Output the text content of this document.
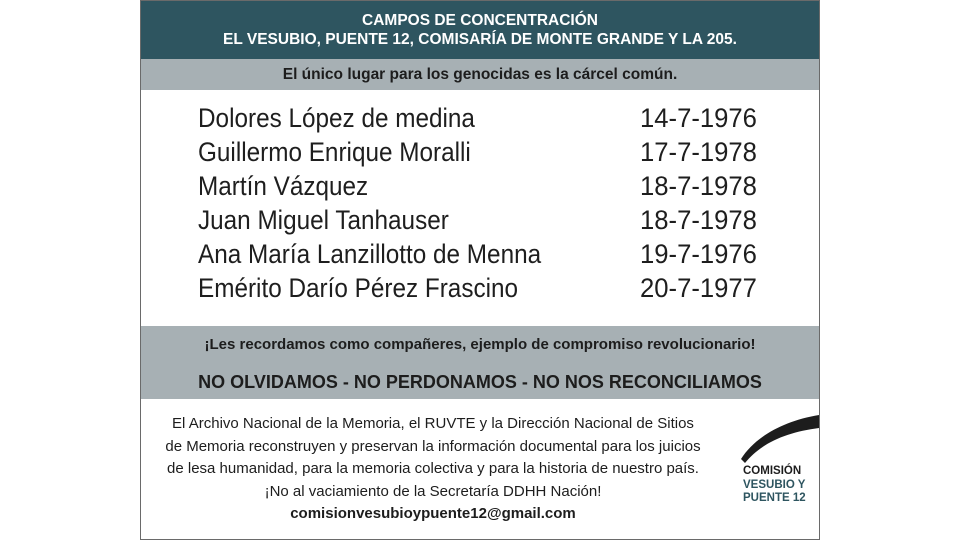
CAMPOS DE CONCENTRACIÓN
EL VESUBIO, PUENTE 12, COMISARÍA DE MONTE GRANDE Y LA 205.
El único lugar para los genocidas es la cárcel común.
Dolores López de medina	14-7-1976
Guillermo Enrique Moralli	17-7-1978
Martín Vázquez	18-7-1978
Juan Miguel Tanhauser	18-7-1978
Ana María Lanzillotto de Menna	19-7-1976
Emérito Darío Pérez Frascino	20-7-1977
¡Les recordamos como compañeres, ejemplo de compromiso revolucionario!
NO OLVIDAMOS - NO PERDONAMOS - NO NOS RECONCILIAMOS
El Archivo Nacional de la Memoria, el RUVTE y la Dirección Nacional de Sitios
de Memoria reconstruyen y preservan la información documental para los juicios
de lesa humanidad, para la memoria colectiva y para la historia de nuestro país.
¡No al vaciamiento de la Secretaría DDHH Nación!
comisionvesubioypuente12@gmail.com
COMISIÓN
VESUBIO Y
PUENTE 12
